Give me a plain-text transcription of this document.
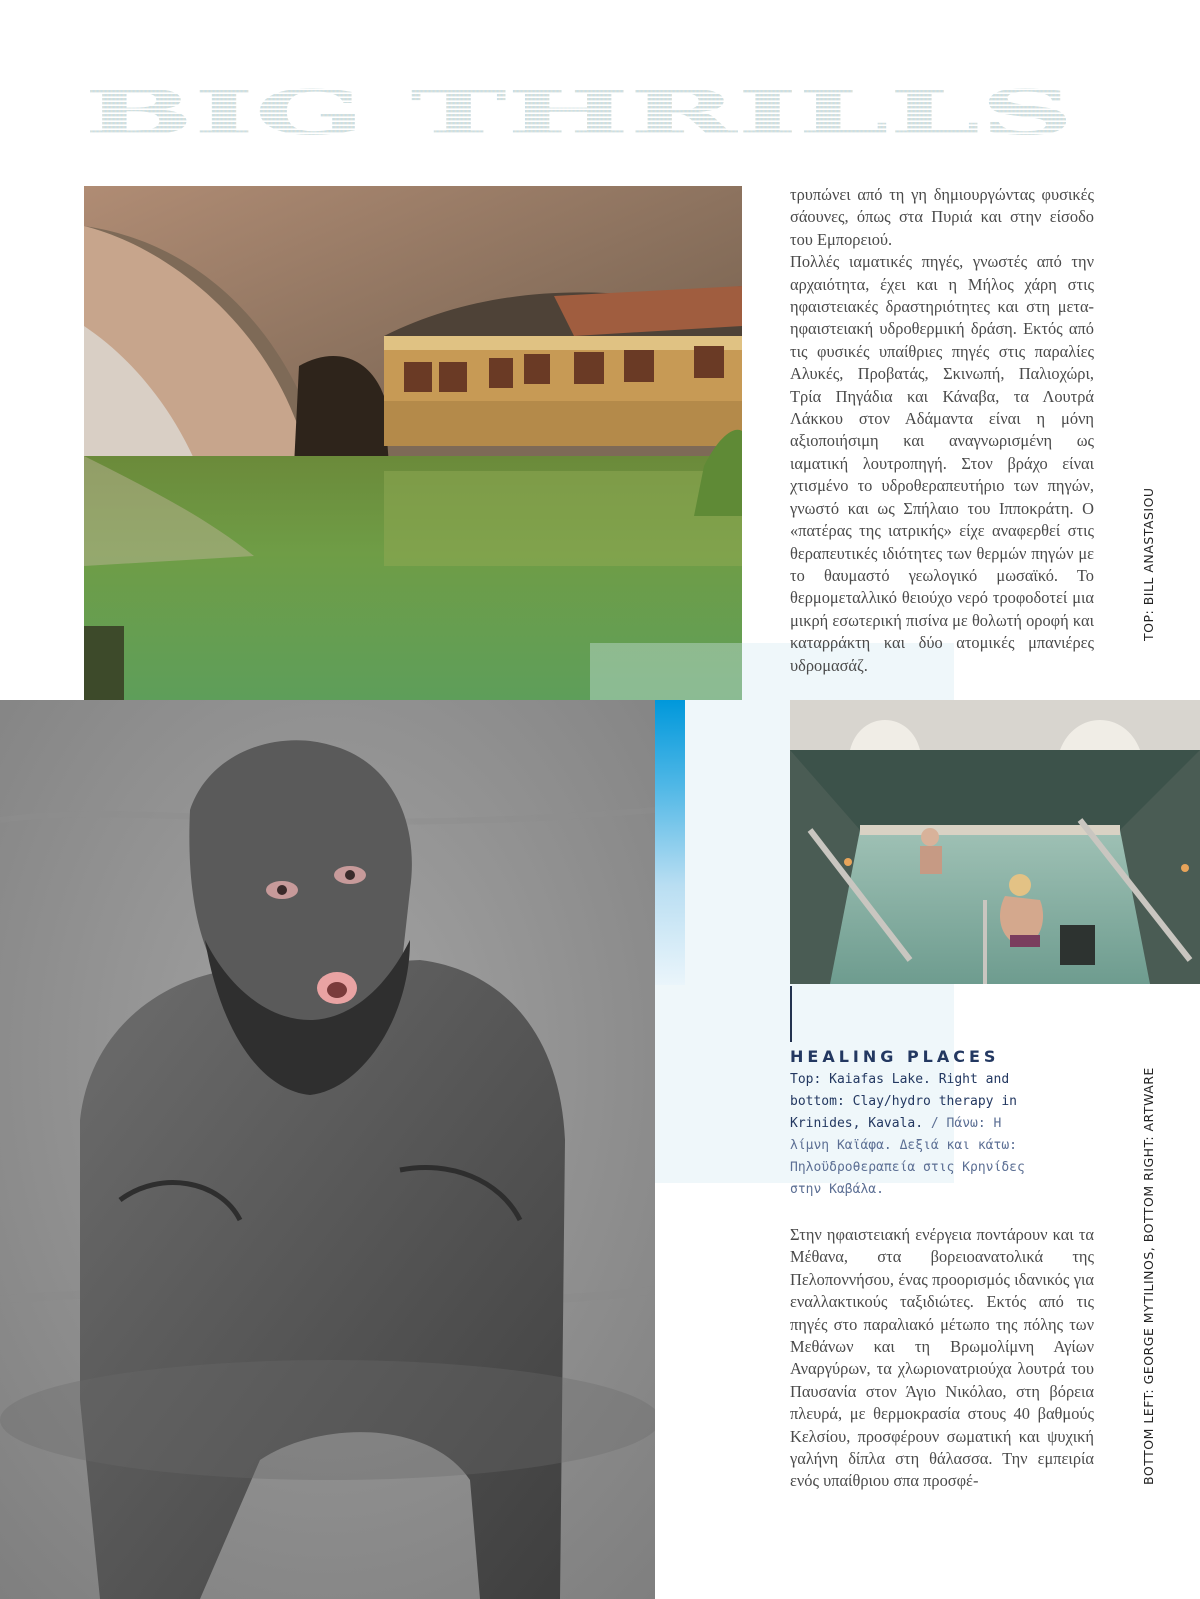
BIG THRILLS

τρυπώνει από τη γη δημιουργώντας φυσικές σάουνες, όπως στα Πυριά και στην είσοδο του Εμπορειού.

Πολλές ιαματικές πηγές, γνωστές από την αρχαιότητα, έχει και η Μήλος χάρη στις ηφαιστειακές δραστηριότητες και στη μετα-ηφαιστειακή υδροθερμική δράση. Εκτός από τις φυσικές υπαίθριες πηγές στις παραλίες Αλυκές, Προβατάς, Σκινωπή, Παλιοχώρι, Τρία Πηγάδια και Κάναβα, τα Λουτρά Λάκκου στον Αδάμαντα είναι η μόνη αξιοποιήσιμη και αναγνωρισμένη ως ιαματική λουτροπηγή. Στον βράχο είναι χτισμένο το υδροθεραπευτήριο των πηγών, γνωστό και ως Σπήλαιο του Ιπποκράτη. Ο «πατέρας της ιατρικής» είχε αναφερθεί στις θεραπευτικές ιδιότητες των θερμών πηγών με το θαυμαστό γεωλογικό μωσαϊκό. Το θερμομεταλλικό θειούχο νερό τροφοδοτεί μια μικρή εσωτερική πισίνα με θολωτή οροφή και καταρράκτη και δύο ατομικές μπανιέρες υδρομασάζ.

HEALING PLACES
Top: Kaiafas Lake. Right and bottom: Clay/hydro therapy in Krinides, Kavala. / Πάνω: Η λίμνη Καϊάφα. Δεξιά και κάτω: Πηλοϋδροθεραπεία στις Κρηνίδες στην Καβάλα.

Στην ηφαιστειακή ενέργεια ποντάρουν και τα Μέθανα, στα βορειοανατολικά της Πελοποννήσου, ένας προορισμός ιδανικός για εναλλακτικούς ταξιδιώτες. Εκτός από τις πηγές στο παραλιακό μέτωπο της πόλης των Μεθάνων και τη Βρωμολίμνη Αγίων Αναργύρων, τα χλωριονατριούχα λουτρά του Παυσανία στον Άγιο Νικόλαο, στη βόρεια πλευρά, με θερμοκρασία στους 40 βαθμούς Κελσίου, προσφέρουν σωματική και ψυχική γαλήνη δίπλα στη θάλασσα. Την εμπειρία ενός υπαίθριου σπα προσφέ-

TOP: BILL ANASTASIOU
BOTTOM LEFT: GEORGE MYTILINOS, BOTTOM RIGHT: ARTWARE
